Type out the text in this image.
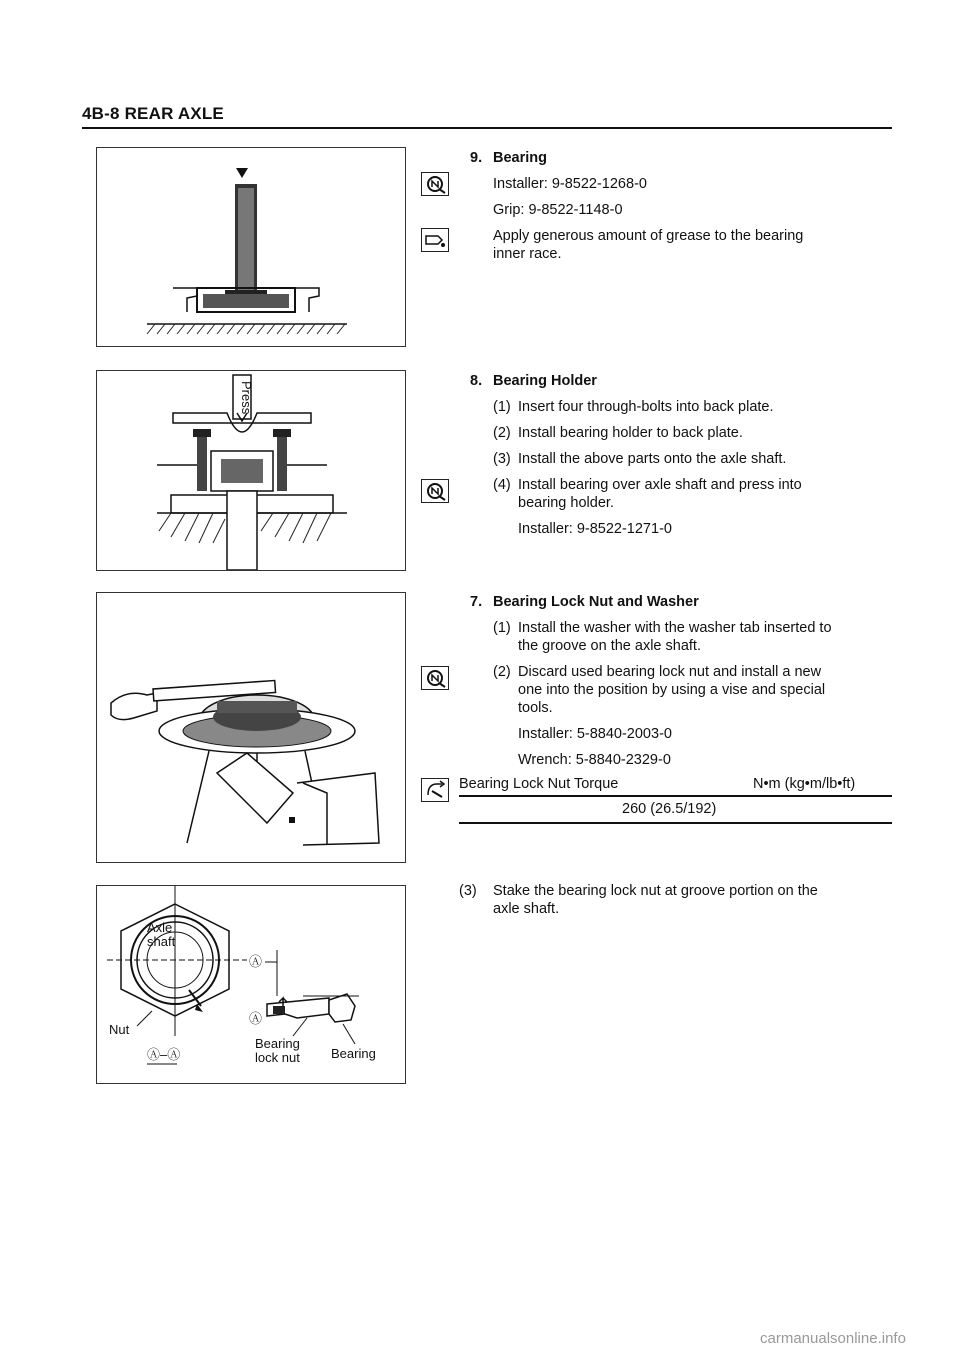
4B-8 REAR AXLE
Press
Axle
shaft
Nut
Ⓐ–Ⓐ
Ⓐ
Ⓐ
Bearing
lock nut Bearing
9. Bearing
Installer: 9-8522-1268-0
Grip: 9-8522-1148-0
Apply generous amount of grease to the bearing
inner race.
8. Bearing Holder
(1) Insert four through-bolts into back plate.
(2) Install bearing holder to back plate.
(3) Install the above parts onto the axle shaft.
(4) Install bearing over axle shaft and press into
bearing holder.
Installer: 9-8522-1271-0
7. Bearing Lock Nut and Washer
(1) Install the washer with the washer tab inserted to
the groove on the axle shaft.
(2) Discard used bearing lock nut and install a new
one into the position by using a vise and special
tools.
Installer: 5-8840-2003-0
Wrench: 5-8840-2329-0
Bearing Lock Nut Torque	N•m (kg•m/lb•ft)
260 (26.5/192)
(3) Stake the bearing lock nut at groove portion on the
axle shaft.
carmanualsonline.info
